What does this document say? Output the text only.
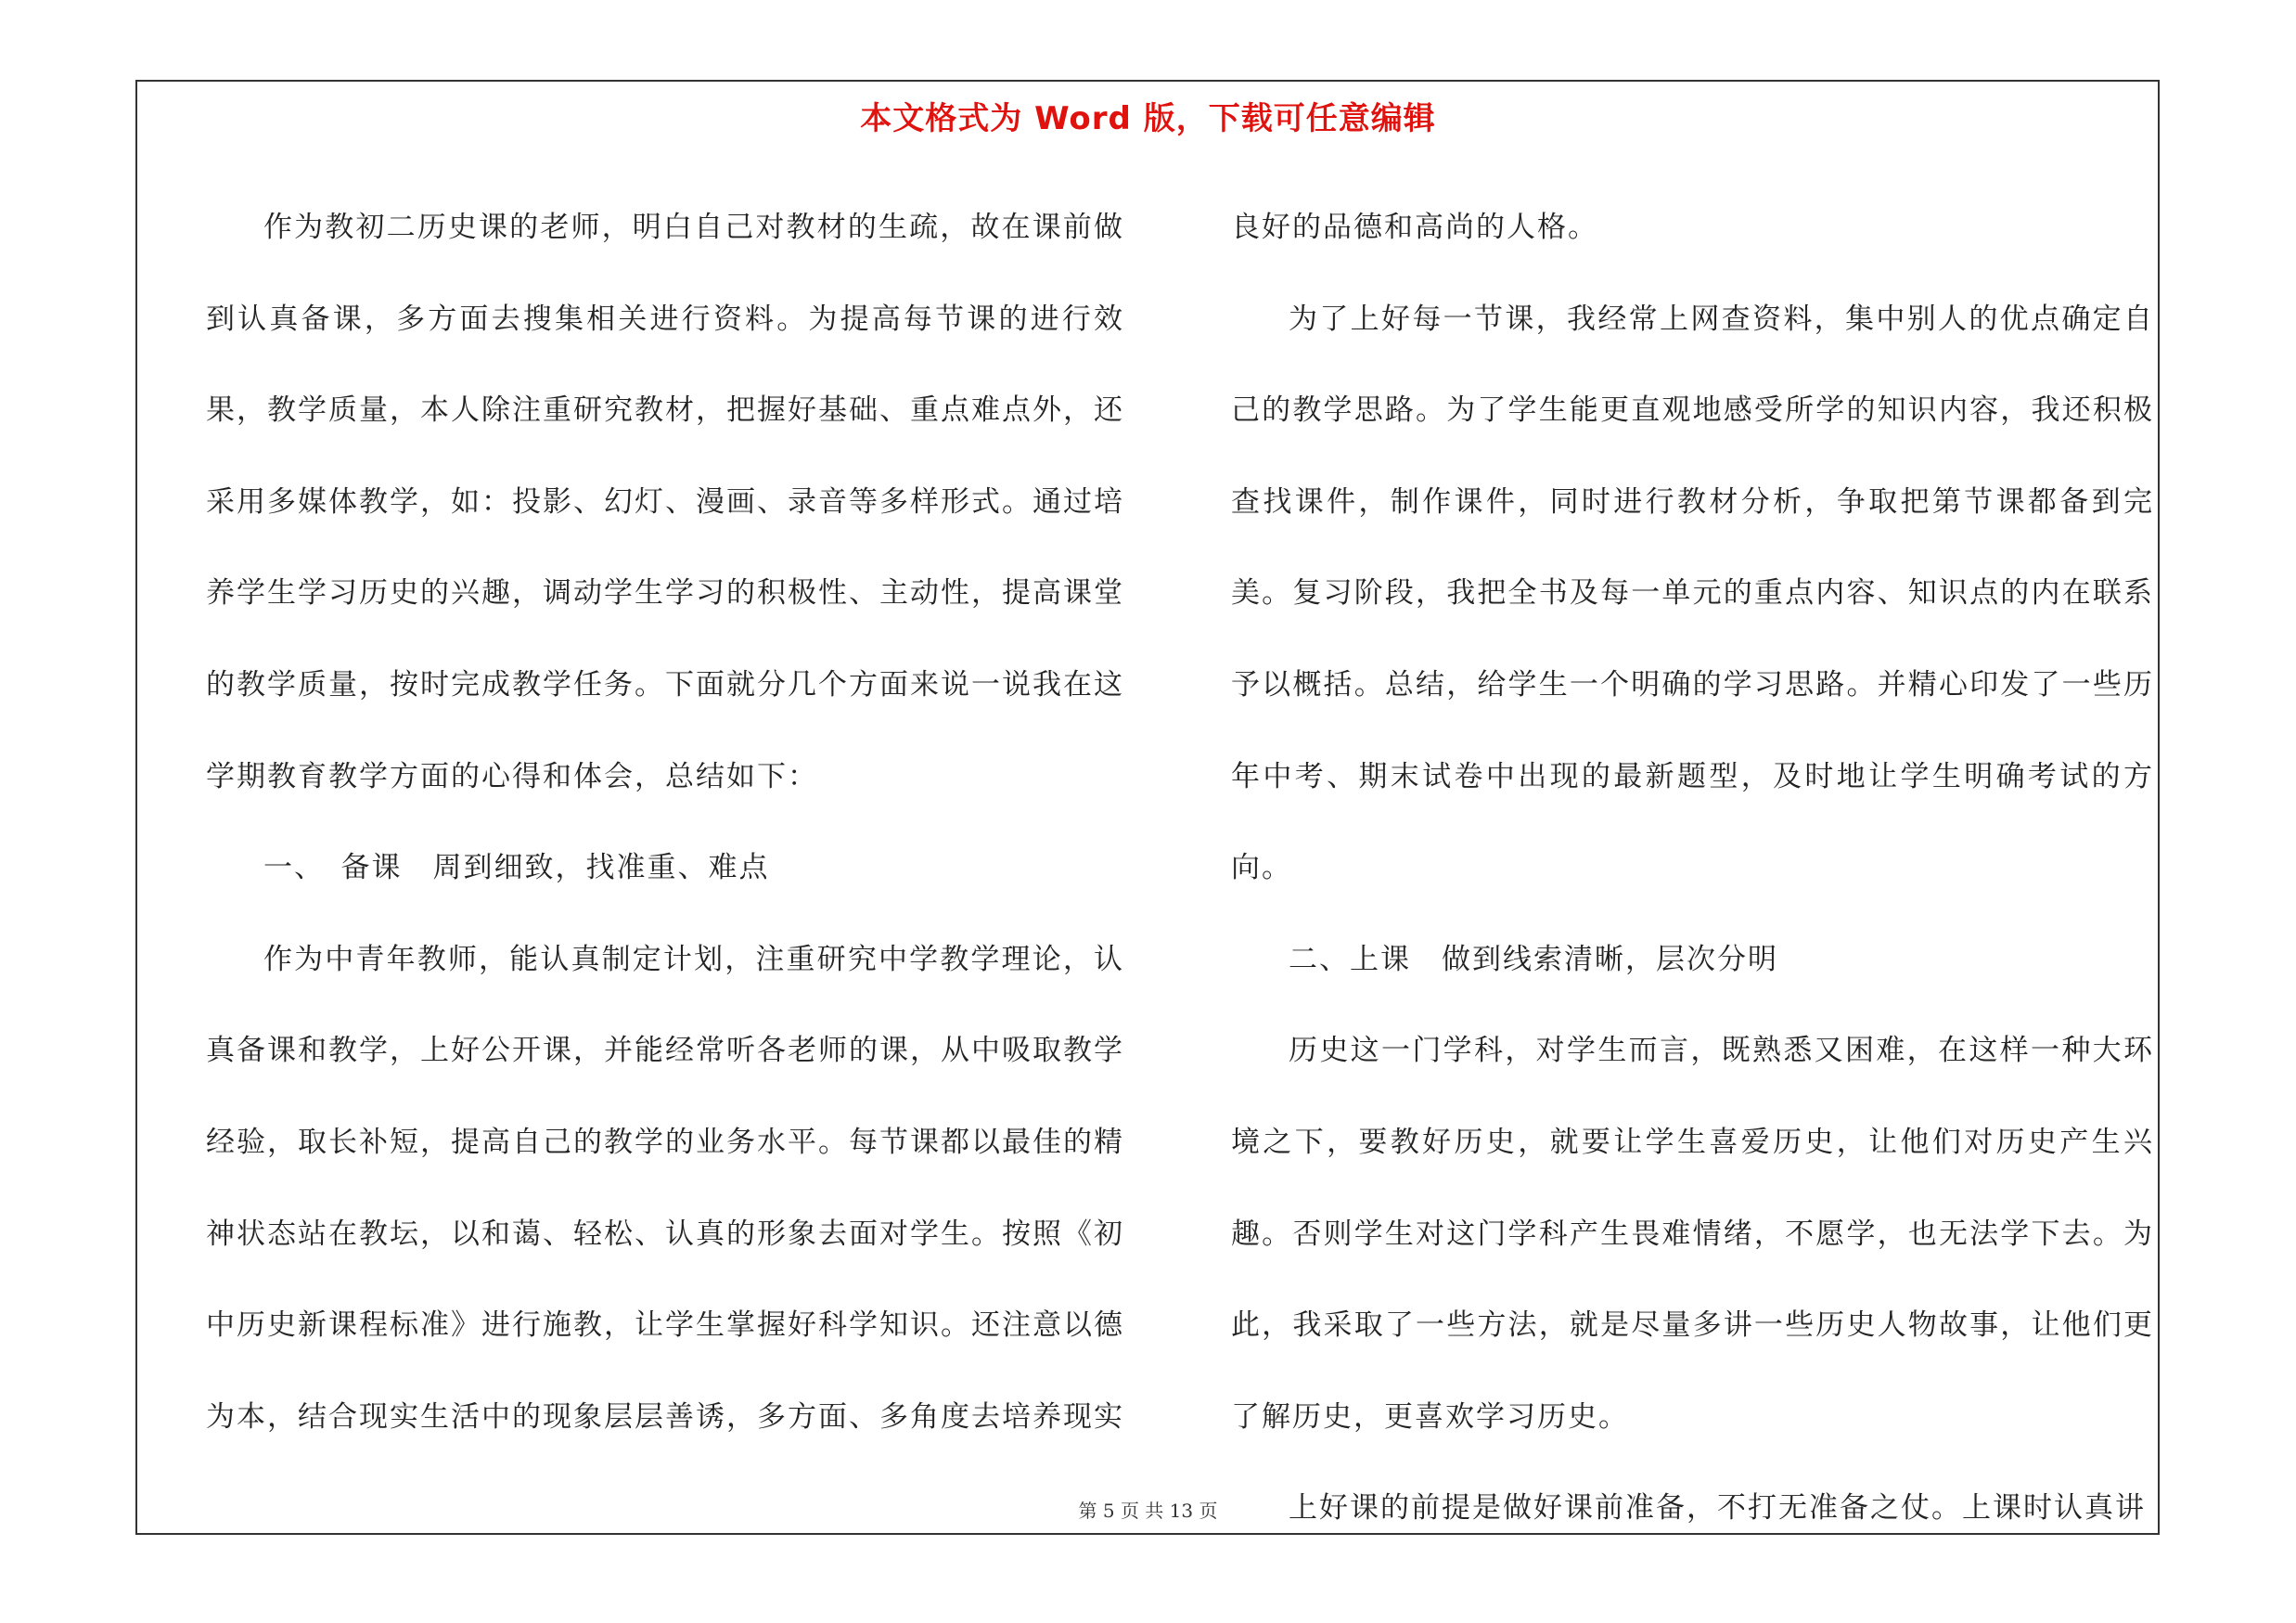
本文格式为 Word 版，下载可任意编辑

作为教初二历史课的老师，明白自己对教材的生疏，故在课前做到认真备课，多方面去搜集相关进行资料。为提高每节课的进行效果，教学质量，本人除注重研究教材，把握好基础、重点难点外，还采用多媒体教学，如：投影、幻灯、漫画、录音等多样形式。通过培养学生学习历史的兴趣，调动学生学习的积极性、主动性，提高课堂的教学质量，按时完成教学任务。下面就分几个方面来说一说我在这学期教育教学方面的心得和体会，总结如下：

一、　备课　周到细致，找准重、难点

作为中青年教师，能认真制定计划，注重研究中学教学理论，认真备课和教学，上好公开课，并能经常听各老师的课，从中吸取教学经验，取长补短，提高自己的教学的业务水平。每节课都以最佳的精神状态站在教坛，以和蔼、轻松、认真的形象去面对学生。按照《初中历史新课程标准》进行施教，让学生掌握好科学知识。还注意以德为本，结合现实生活中的现象层层善诱，多方面、多角度去培养现实

良好的品德和高尚的人格。

为了上好每一节课，我经常上网查资料，集中别人的优点确定自己的教学思路。为了学生能更直观地感受所学的知识内容，我还积极查找课件，制作课件，同时进行教材分析，争取把第节课都备到完美。复习阶段，我把全书及每一单元的重点内容、知识点的内在联系予以概括。总结，给学生一个明确的学习思路。并精心印发了一些历年中考、期末试卷中出现的最新题型，及时地让学生明确考试的方向。

二、上课　做到线索清晰，层次分明

历史这一门学科，对学生而言，既熟悉又困难，在这样一种大环境之下，要教好历史，就要让学生喜爱历史，让他们对历史产生兴趣。否则学生对这门学科产生畏难情绪，不愿学，也无法学下去。为此，我采取了一些方法，就是尽量多讲一些历史人物故事，让他们更了解历史，更喜欢学习历史。

上好课的前提是做好课前准备，不打无准备之仗。上课时认真讲

第 5 页 共 13 页
